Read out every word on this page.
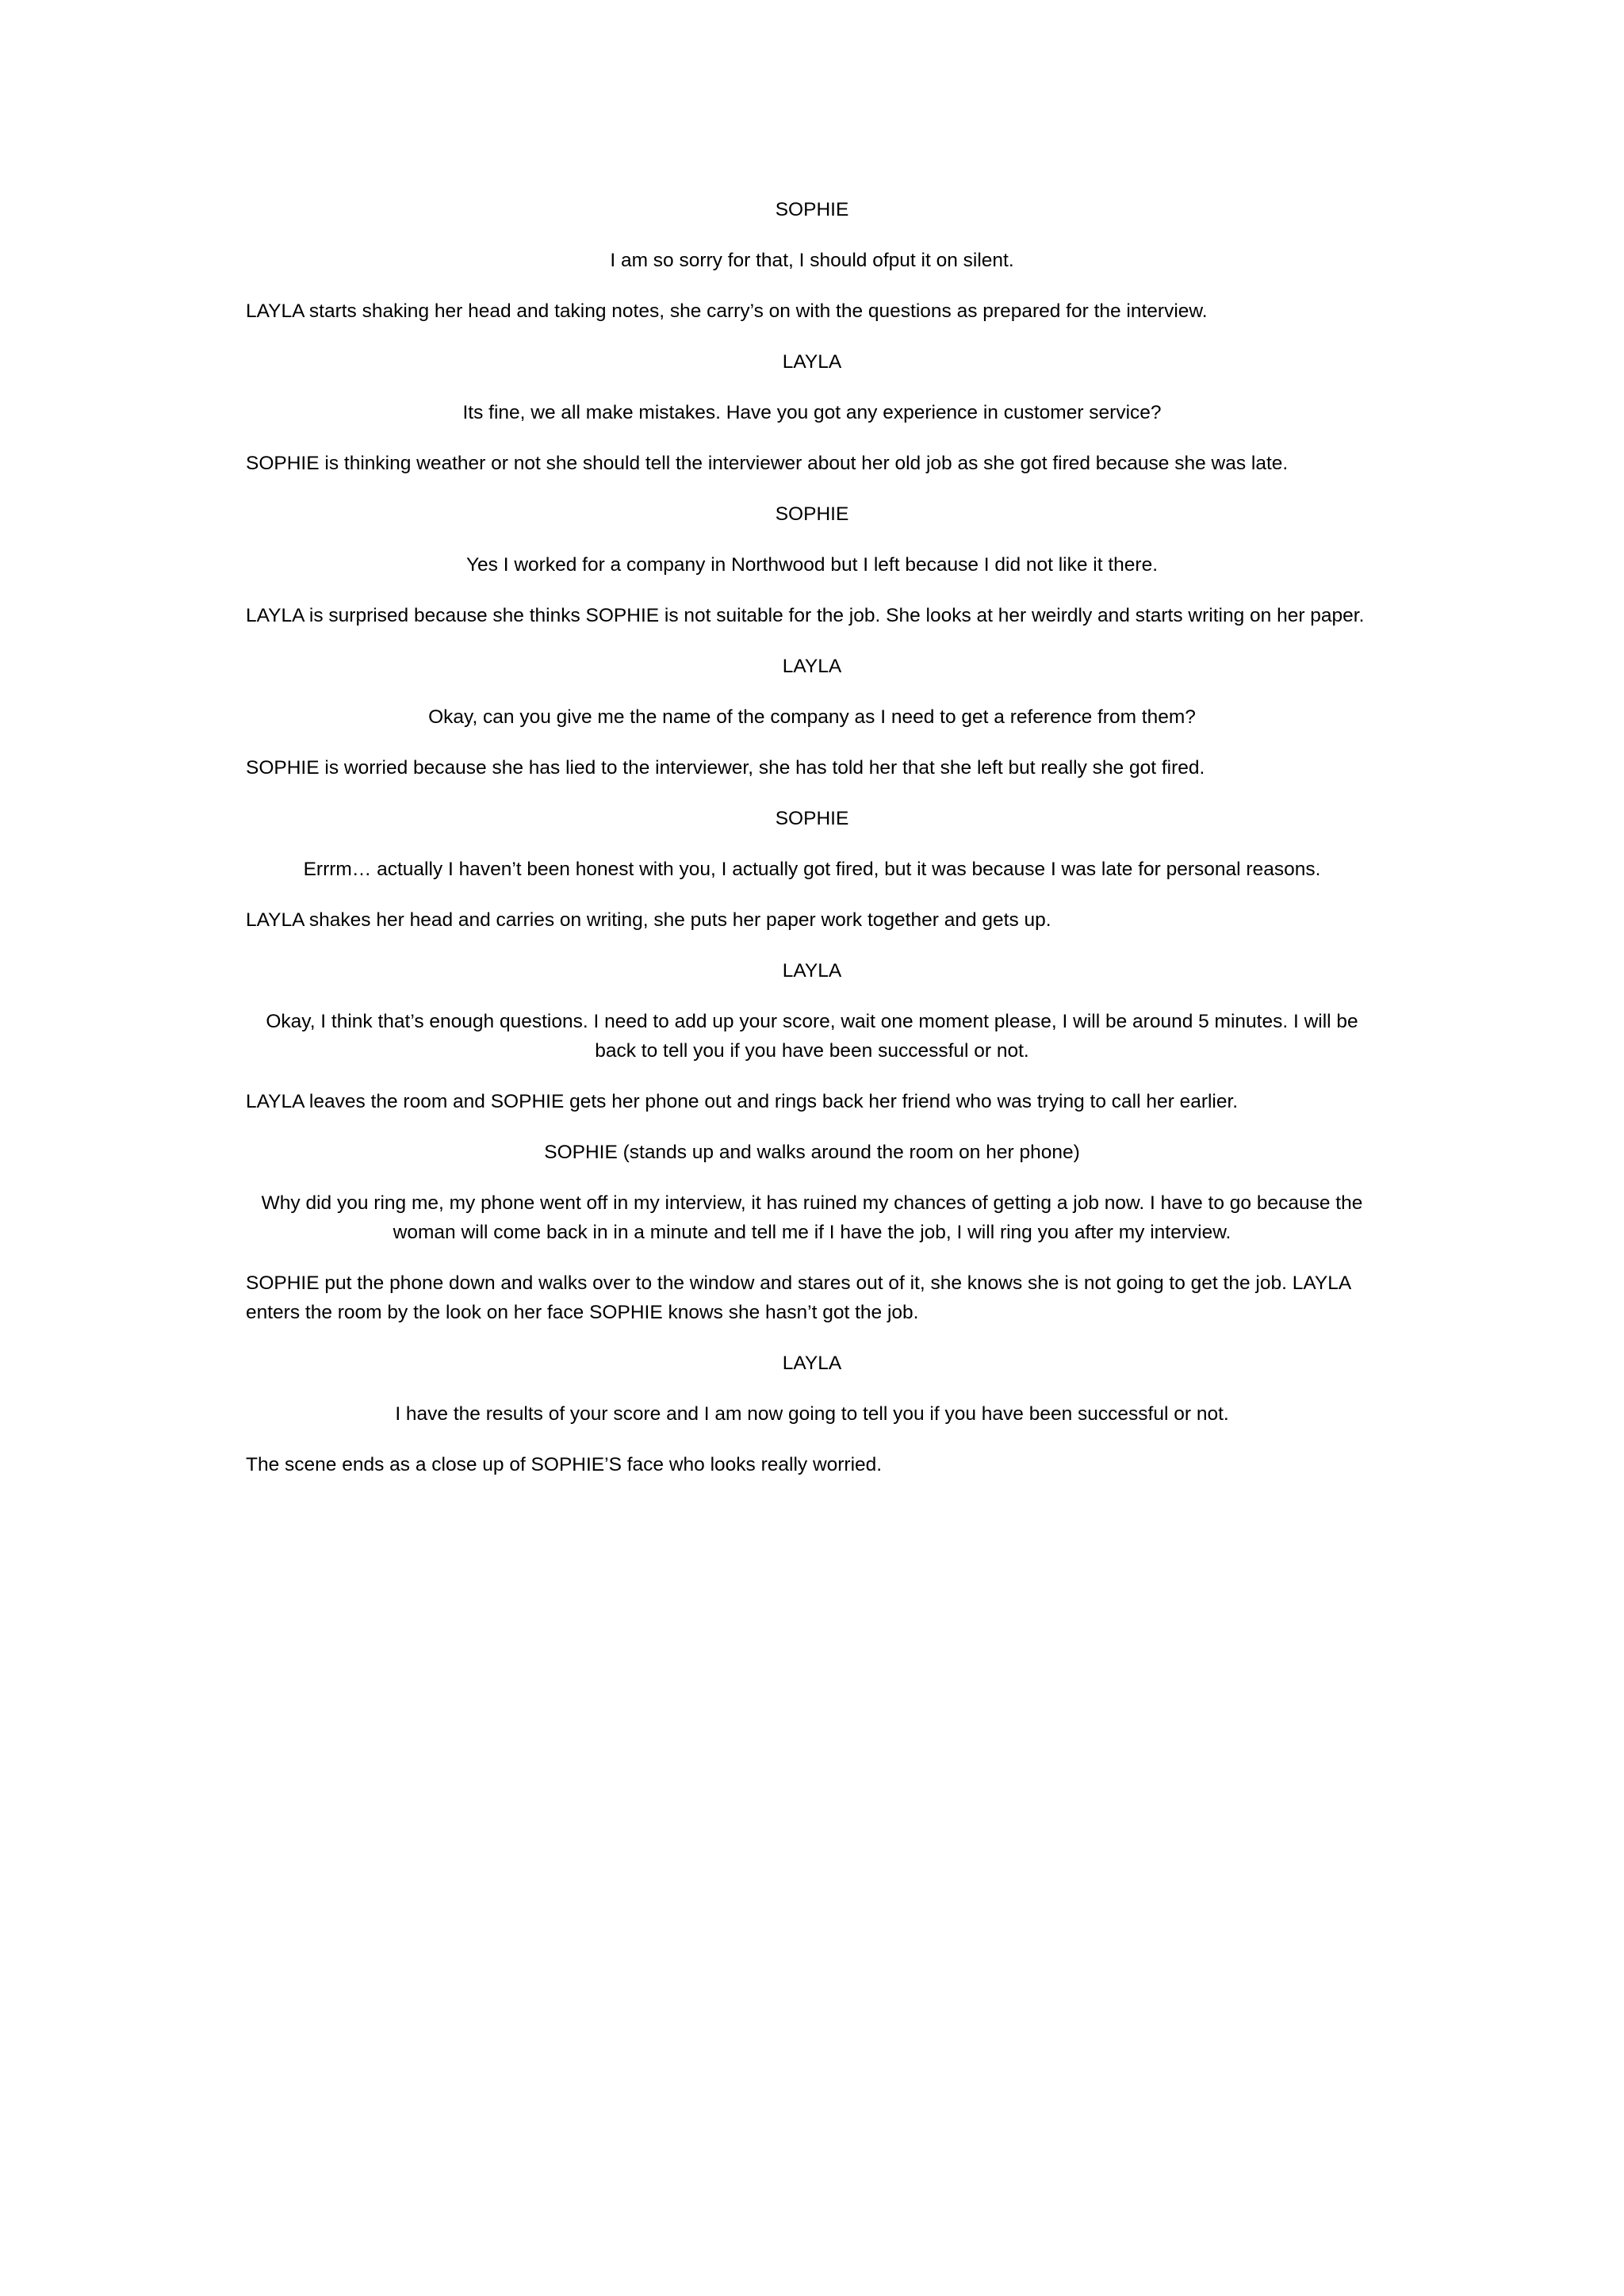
SOPHIE

I am so sorry for that, I should ofput it on silent.

LAYLA starts shaking her head and taking notes, she carry’s on with the questions as prepared for the interview.

LAYLA

Its fine, we all make mistakes. Have you got any experience in customer service?

SOPHIE is thinking weather or not she should tell the interviewer about her old job as she got fired because she was late.

SOPHIE

Yes I worked for a company in Northwood but I left because I did not like it there.

LAYLA is surprised because she thinks SOPHIE is not suitable for the job. She looks at her weirdly and starts writing on her paper.

LAYLA

Okay, can you give me the name of the company as I need to get a reference from them?

SOPHIE is worried because she has lied to the interviewer, she has told her that she left but really she got fired.

SOPHIE

Errrm… actually I haven’t been honest with you, I actually got fired, but it was because I was late for personal reasons.

LAYLA shakes her head and carries on writing, she puts her paper work together and gets up.

LAYLA

Okay, I think that’s enough questions. I need to add up your score, wait one moment please, I will be around 5 minutes. I will be back to tell you if you have been successful or not.

LAYLA leaves the room and SOPHIE gets her phone out and rings back her friend who was trying to call her earlier.

SOPHIE (stands up and walks around the room on her phone)

Why did you ring me, my phone went off in my interview, it has ruined my chances of getting a job now. I have to go because the woman will come back in in a minute and tell me if I have the job, I will ring you after my interview.

SOPHIE put the phone down and walks over to the window and stares out of it, she knows she is not going to get the job. LAYLA enters the room by the look on her face SOPHIE knows she hasn’t got the job.

LAYLA

I have the results of your score and I am now going to tell you if you have been successful or not.

The scene ends as a close up of SOPHIE’S face who looks really worried.
